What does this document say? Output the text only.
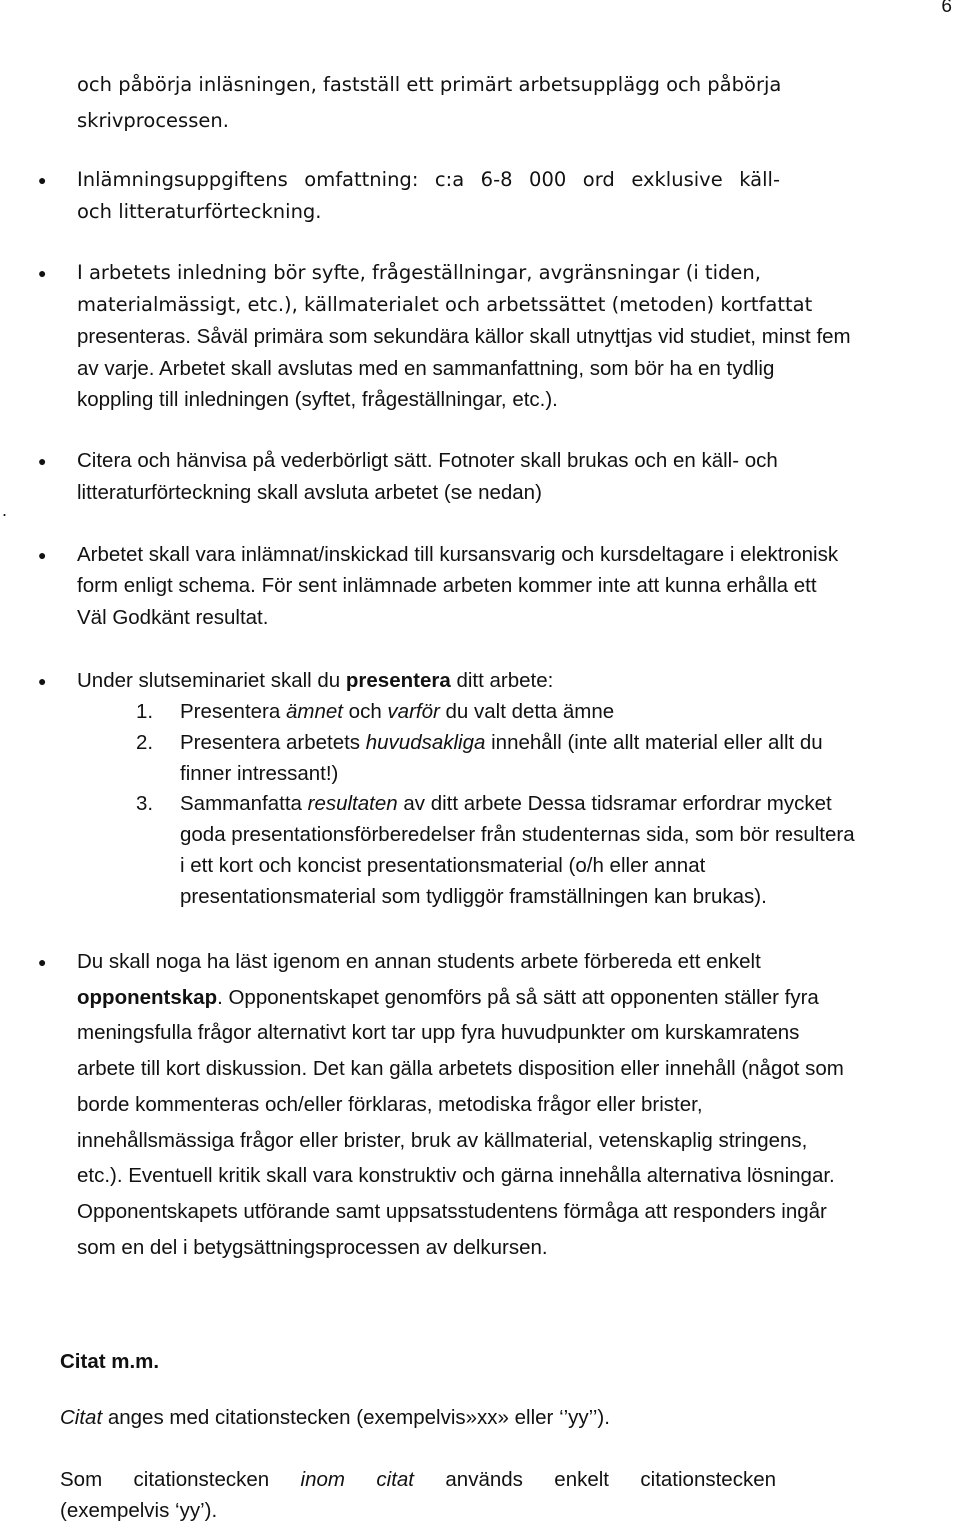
6
och påbörja inläsningen, fastställ ett primärt arbetsupplägg och påbörja
skrivprocessen.
● Inlämningsuppgiftens omfattning: c:a 6-8 000 ord exklusive käll-
och litteraturförteckning.
● I arbetets inledning bör syfte, frågeställningar, avgränsningar (i tiden,
materialmässigt, etc.), källmaterialet och arbetssättet (metoden) kortfattat
presenteras. Såväl primära som sekundära källor skall utnyttjas vid studiet, minst fem
av varje. Arbetet skall avslutas med en sammanfattning, som bör ha en tydlig
koppling till inledningen (syftet, frågeställningar, etc.).
● Citera och hänvisa på vederbörligt sätt. Fotnoter skall brukas och en käll- och
litteraturförteckning skall avsluta arbetet (se nedan)
.
● Arbetet skall vara inlämnat/inskickad till kursansvarig och kursdeltagare i elektronisk
form enligt schema. För sent inlämnade arbeten kommer inte att kunna erhålla ett
Väl Godkänt resultat.
● Under slutseminariet skall du presentera ditt arbete:
1. Presentera ämnet och varför du valt detta ämne
2. Presentera arbetets huvudsakliga innehåll (inte allt material eller allt du
finner intressant!)
3. Sammanfatta resultaten av ditt arbete Dessa tidsramar erfordrar mycket
goda presentationsförberedelser från studenternas sida, som bör resultera
i ett kort och koncist presentationsmaterial (o/h eller annat
presentationsmaterial som tydliggör framställningen kan brukas).
● Du skall noga ha läst igenom en annan students arbete förbereda ett enkelt
opponentskap. Opponentskapet genomförs på så sätt att opponenten ställer fyra
meningsfulla frågor alternativt kort tar upp fyra huvudpunkter om kurskamratens
arbete till kort diskussion. Det kan gälla arbetets disposition eller innehåll (något som
borde kommenteras och/eller förklaras, metodiska frågor eller brister,
innehållsmässiga frågor eller brister, bruk av källmaterial, vetenskaplig stringens,
etc.). Eventuell kritik skall vara konstruktiv och gärna innehålla alternativa lösningar.
Opponentskapets utförande samt uppsatsstudentens förmåga att responders ingår
som en del i betygsättningsprocessen av delkursen.
Citat m.m.
Citat anges med citationstecken (exempelvis»xx» eller ‘’yy’’).
Som citationstecken inom citat används enkelt citationstecken
(exempelvis ‘yy’).
